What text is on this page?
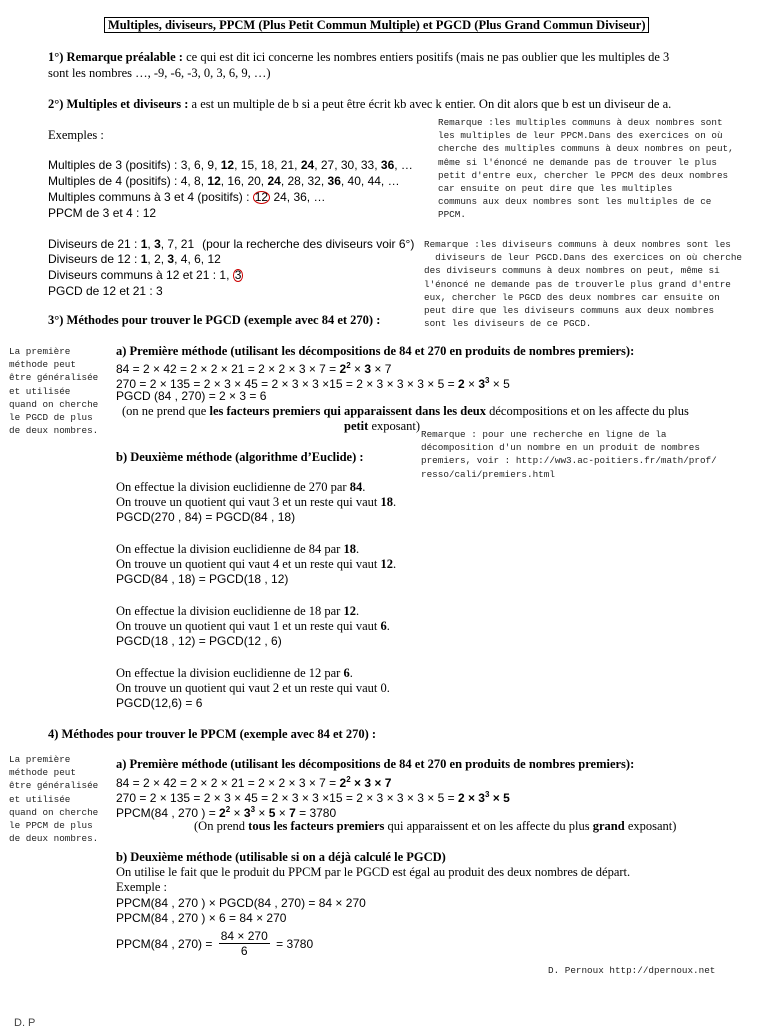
Multiples, diviseurs, PPCM (Plus Petit Commun Multiple) et PGCD (Plus Grand Commun Diviseur)
1°) Remarque préalable : ce qui est dit ici concerne les nombres entiers positifs (mais ne pas oublier que les multiples de 3
sont les nombres …, -9, -6, -3, 0, 3, 6, 9, …)
2°) Multiples et diviseurs : a est un multiple de b si a peut être écrit kb avec k entier. On dit alors que b est un diviseur de a.
Exemples :
Multiples de 3 (positifs) : 3, 6, 9, 12, 15, 18, 21, 24, 27, 30, 33, 36, …
Multiples de 4 (positifs) : 4, 8, 12, 16, 20, 24, 28, 32, 36, 40, 44, …
Multiples communs à 3 et 4 (positifs) : 12 24, 36, …
PPCM de 3 et 4 : 12
Diviseurs de 21 : 1, 3, 7, 21 (pour la recherche des diviseurs voir 6°)
Diviseurs de 12 : 1, 2, 3, 4, 6, 12
Diviseurs communs à 12 et 21 : 1, 3
PGCD de 12 et 21 : 3
Remarque :les multiples communs à deux nombres sont
les multiples de leur PPCM.Dans des exercices on où
cherche des multiples communs à deux nombres on peut,
même si l'énoncé ne demande pas de trouver le plus
petit d'entre eux, chercher le PPCM des deux nombres
car ensuite on peut dire que les multiples
communs aux deux nombres sont les multiples de ce
PPCM.
Remarque :les diviseurs communs à deux nombres sont les
diviseurs de leur PGCD.Dans des exercices on où cherche
des diviseurs communs à deux nombres on peut, même si
l'énoncé ne demande pas de trouverle plus grand d'entre
eux, chercher le PGCD des deux nombres car ensuite on
peut dire que les diviseurs communs aux deux nombres
sont les diviseurs de ce PGCD.
3°) Méthodes pour trouver le PGCD (exemple avec 84 et 270) :
La première
méthode peut
être généralisée
et utilisée
quand on cherche
le PGCD de plus
de deux nombres.
a) Première méthode (utilisant les décompositions de 84 et 270 en produits de nombres premiers):
$84 = 2 \times 42 = 2 \times 2 \times 21 = 2 \times 2 \times 3 \times 7 = 2^2 \times 3 \times 7$
$270 = 2 \times 135 = 2 \times 3 \times 45 = 2 \times 3 \times 3 \times 15 = 2 \times 3 \times 3 \times 3 \times 5 = 2 \times 3^3 \times 5$
PGCD (84 , 270) = 2 × 3 = 6
(on ne prend que les facteurs premiers qui apparaissent dans les deux décompositions et on les affecte du plus
petit exposant)
Remarque : pour une recherche en ligne de la
décomposition d'un nombre en un produit de nombres
premiers, voir : http://ww3.ac-poitiers.fr/math/prof/
resso/cali/premiers.html
b) Deuxième méthode (algorithme d’Euclide) :
On effectue la division euclidienne de 270 par 84.
On trouve un quotient qui vaut 3 et un reste qui vaut 18.
PGCD(270 , 84) = PGCD(84 , 18)
On effectue la division euclidienne de 84 par 18.
On trouve un quotient qui vaut 4 et un reste qui vaut 12.
PGCD(84 , 18) = PGCD(18 , 12)
On effectue la division euclidienne de 18 par 12.
On trouve un quotient qui vaut 1 et un reste qui vaut 6.
PGCD(18 , 12) = PGCD(12 , 6)
On effectue la division euclidienne de 12 par 6.
On trouve un quotient qui vaut 2 et un reste qui vaut 0.
PGCD(12,6) = 6
4) Méthodes pour trouver le PPCM (exemple avec 84 et 270) :
La première
méthode peut
être généralisée
et utilisée
quand on cherche
le PPCM de plus
de deux nombres.
a) Première méthode (utilisant les décompositions de 84 et 270 en produits de nombres premiers):
$84 = 2 \times 42 = 2 \times 2 \times 21 = 2 \times 2 \times 3 \times 7 = 2^2 \times 3 \times 7$
$270 = 2 \times 135 = 2 \times 3 \times 45 = 2 \times 3 \times 3 \times 15 = 2 \times 3 \times 3 \times 3 \times 5 = 2 \times 3^3 \times 5$
PPCM(84 , 270 ) = $2^2 \times 3^3 \times 5 \times 7 = 3780$
(On prend tous les facteurs premiers qui apparaissent et on les affecte du plus grand exposant)
b) Deuxième méthode (utilisable si on a déjà calculé le PGCD)
On utilise le fait que le produit du PPCM par le PGCD est égal au produit des deux nombres de départ.
Exemple :
PPCM(84 , 270 ) × PGCD(84 , 270) = 84 × 270
PPCM(84 , 270 ) × 6 = 84 × 270
PPCM(84 , $270) = \frac{84 \times 270}{6} = 3780$
D. Pernoux http://dpernoux.net
D. P
